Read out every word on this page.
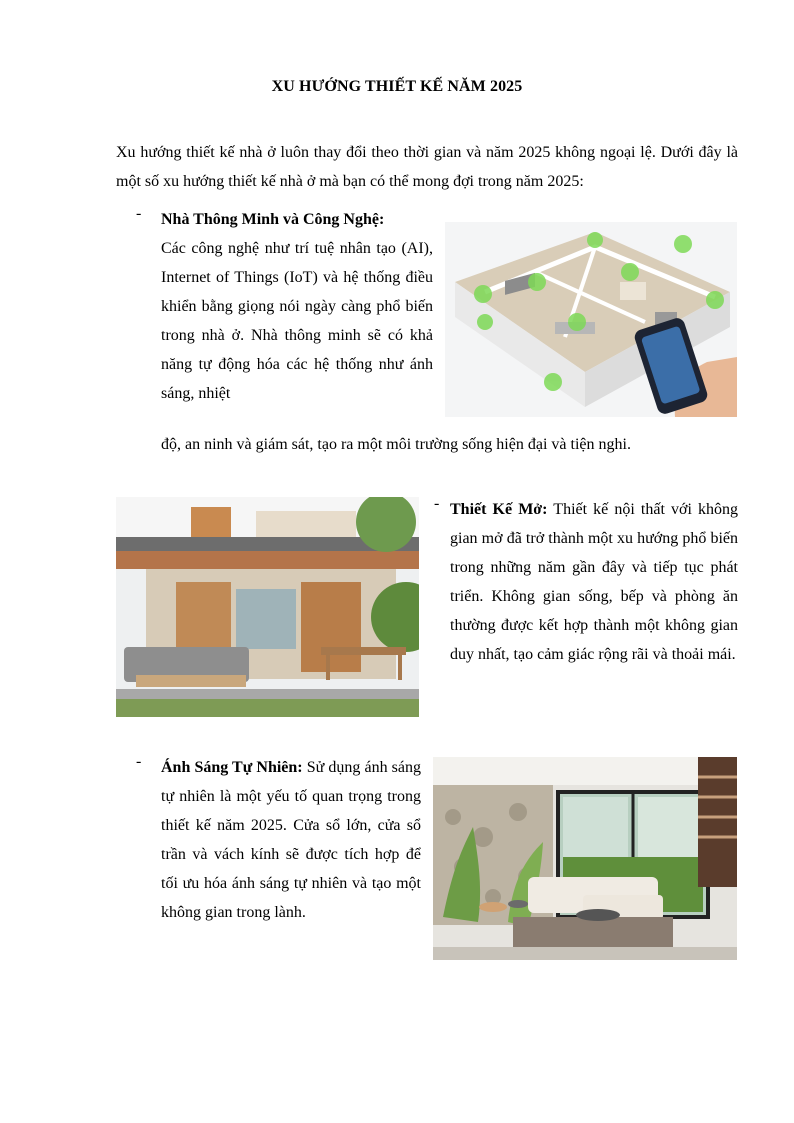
XU HƯỚNG THIẾT KẾ NĂM 2025
Xu hướng thiết kế nhà ở luôn thay đổi theo thời gian và năm 2025 không ngoại lệ. Dưới đây là một số xu hướng thiết kế nhà ở mà bạn có thể mong đợi trong năm 2025:
- Nhà Thông Minh và Công Nghệ:
Các công nghệ như trí tuệ nhân tạo (AI), Internet of Things (IoT) và hệ thống điều khiển bằng giọng nói ngày càng phổ biến trong nhà ở. Nhà thông minh sẽ có khả năng tự động hóa các hệ thống như ánh sáng, nhiệt
độ, an ninh và giám sát, tạo ra một môi trường sống hiện đại và tiện nghi.
- Thiết Kế Mở: Thiết kế nội thất với không gian mở đã trở thành một xu hướng phổ biến trong những năm gần đây và tiếp tục phát triển. Không gian sống, bếp và phòng ăn thường được kết hợp thành một không gian duy nhất, tạo cảm giác rộng rãi và thoải mái.
- Ánh Sáng Tự Nhiên: Sử dụng ánh sáng tự nhiên là một yếu tố quan trọng trong thiết kế năm 2025. Cửa sổ lớn, cửa sổ trần và vách kính sẽ được tích hợp để tối ưu hóa ánh sáng tự nhiên và tạo một không gian trong lành.
